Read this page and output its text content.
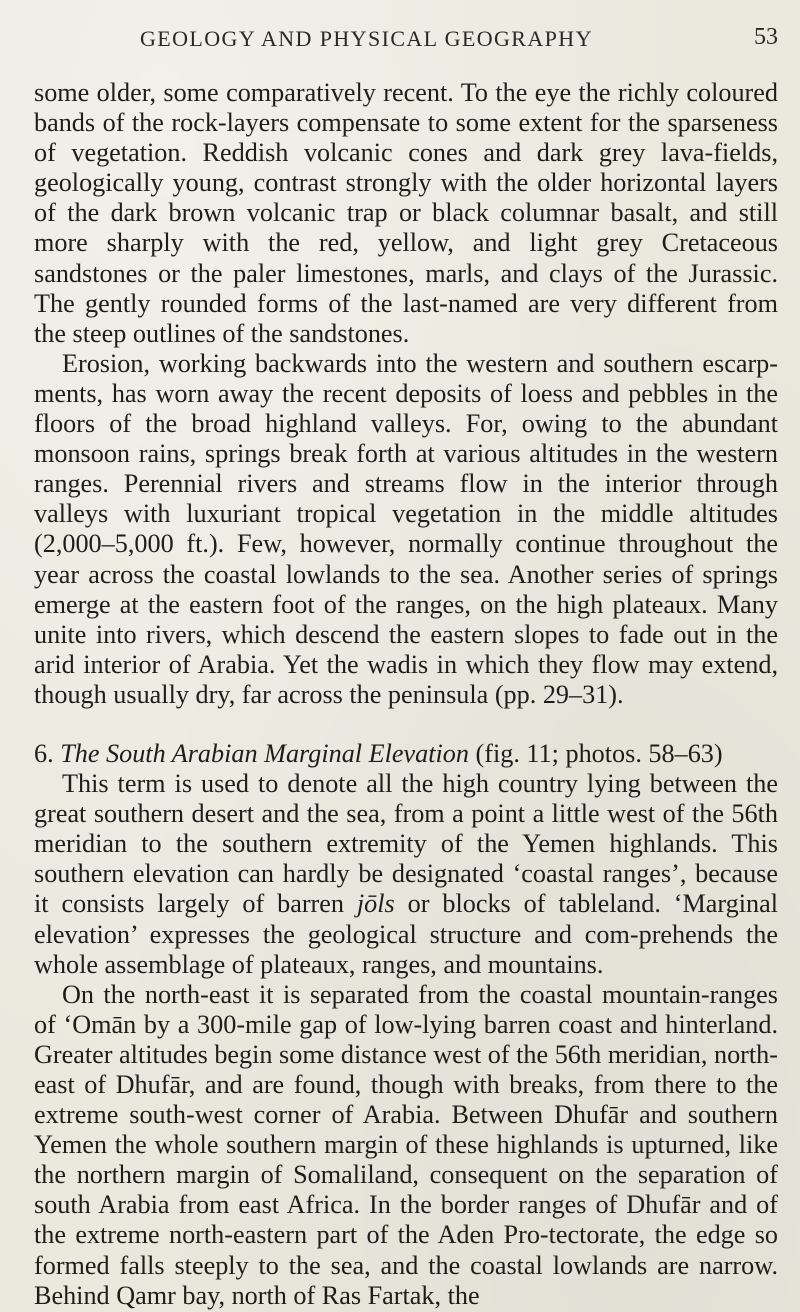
GEOLOGY AND PHYSICAL GEOGRAPHY	53

some older, some comparatively recent. To the eye the richly coloured bands of the rock-layers compensate to some extent for the sparseness of vegetation. Reddish volcanic cones and dark grey lava-fields, geologically young, contrast strongly with the older horizontal layers of the dark brown volcanic trap or black columnar basalt, and still more sharply with the red, yellow, and light grey Cretaceous sandstones or the paler limestones, marls, and clays of the Jurassic. The gently rounded forms of the last-named are very different from the steep outlines of the sandstones.

Erosion, working backwards into the western and southern escarp-ments, has worn away the recent deposits of loess and pebbles in the floors of the broad highland valleys. For, owing to the abundant monsoon rains, springs break forth at various altitudes in the western ranges. Perennial rivers and streams flow in the interior through valleys with luxuriant tropical vegetation in the middle altitudes (2,000–5,000 ft.). Few, however, normally continue throughout the year across the coastal lowlands to the sea. Another series of springs emerge at the eastern foot of the ranges, on the high plateaux. Many unite into rivers, which descend the eastern slopes to fade out in the arid interior of Arabia. Yet the wadis in which they flow may extend, though usually dry, far across the peninsula (pp. 29–31).

6. The South Arabian Marginal Elevation (fig. 11; photos. 58–63)

This term is used to denote all the high country lying between the great southern desert and the sea, from a point a little west of the 56th meridian to the southern extremity of the Yemen highlands. This southern elevation can hardly be designated ‘coastal ranges’, because it consists largely of barren jōls or blocks of tableland. ‘Marginal elevation’ expresses the geological structure and com-prehends the whole assemblage of plateaux, ranges, and mountains.

On the north-east it is separated from the coastal mountain-ranges of ‘Omān by a 300-mile gap of low-lying barren coast and hinterland. Greater altitudes begin some distance west of the 56th meridian, north-east of Dhufār, and are found, though with breaks, from there to the extreme south-west corner of Arabia. Between Dhufār and southern Yemen the whole southern margin of these highlands is upturned, like the northern margin of Somaliland, consequent on the separation of south Arabia from east Africa. In the border ranges of Dhufār and of the extreme north-eastern part of the Aden Pro-tectorate, the edge so formed falls steeply to the sea, and the coastal lowlands are narrow. Behind Qamr bay, north of Ras Fartak, the
